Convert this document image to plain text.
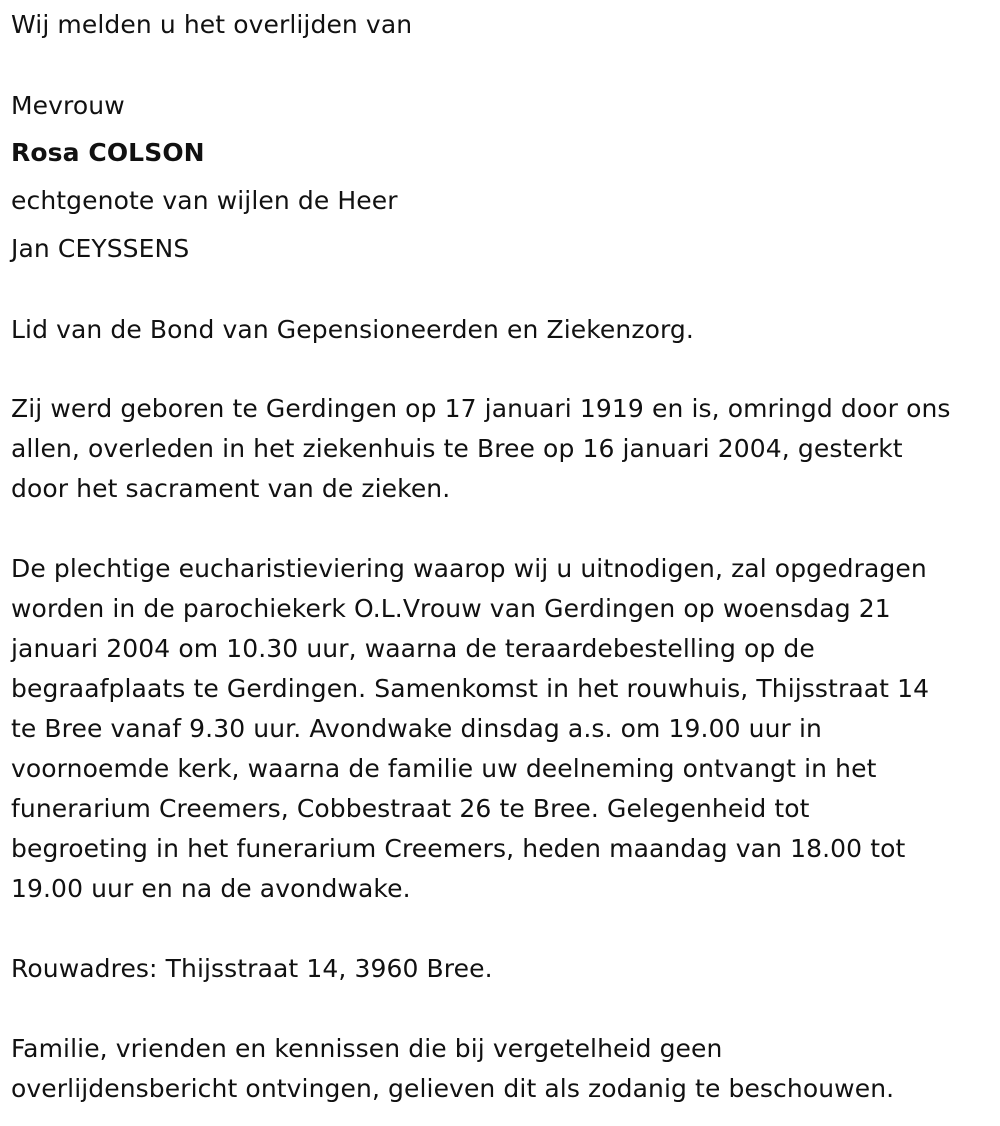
Wij melden u het overlijden van
Mevrouw
Rosa COLSON
echtgenote van wijlen de Heer
Jan CEYSSENS
Lid van de Bond van Gepensioneerden en Ziekenzorg.
Zij werd geboren te Gerdingen op 17 januari 1919 en is, omringd door ons
allen, overleden in het ziekenhuis te Bree op 16 januari 2004, gesterkt
door het sacrament van de zieken.
De plechtige eucharistieviering waarop wij u uitnodigen, zal opgedragen
worden in de parochiekerk O.L.Vrouw van Gerdingen op woensdag 21
januari 2004 om 10.30 uur, waarna de teraardebestelling op de
begraafplaats te Gerdingen. Samenkomst in het rouwhuis, Thijsstraat 14
te Bree vanaf 9.30 uur. Avondwake dinsdag a.s. om 19.00 uur in
voornoemde kerk, waarna de familie uw deelneming ontvangt in het
funerarium Creemers, Cobbestraat 26 te Bree. Gelegenheid tot
begroeting in het funerarium Creemers, heden maandag van 18.00 tot
19.00 uur en na de avondwake.
Rouwadres: Thijsstraat 14, 3960 Bree.
Familie, vrienden en kennissen die bij vergetelheid geen
overlijdensbericht ontvingen, gelieven dit als zodanig te beschouwen.
